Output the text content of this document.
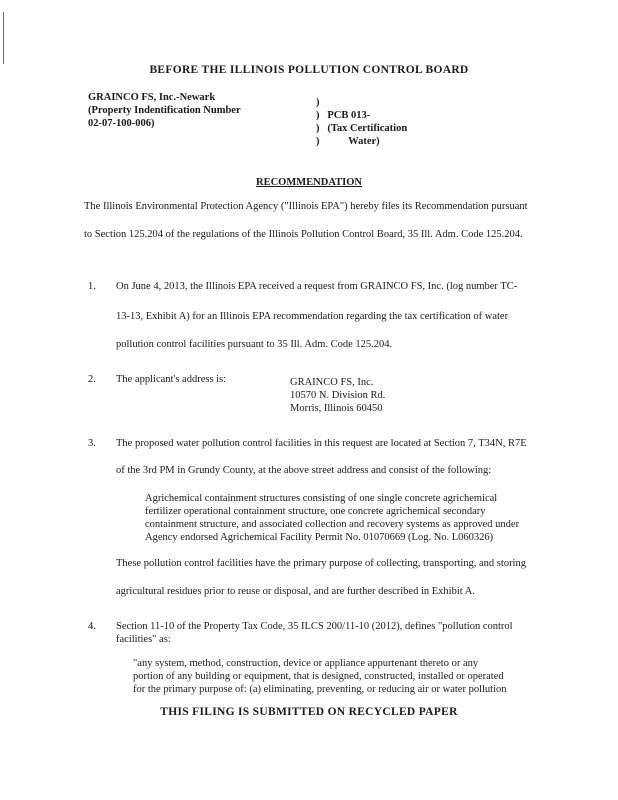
BEFORE THE ILLINOIS POLLUTION CONTROL BOARD
GRAINCO FS, Inc.-Newark
(Property Indentification Number
02-07-100-006)
)
)   PCB 013-
)   (Tax Certification
)           Water)
RECOMMENDATION
The Illinois Environmental Protection Agency ("Illinois EPA") hereby files its Recommendation pursuant
to Section 125.204 of the regulations of the Illinois Pollution Control Board, 35 Ill. Adm. Code 125.204.
1. On June 4, 2013, the Illinois EPA received a request from GRAINCO FS, Inc. (log number TC-
13-13, Exhibit A) for an Illinois EPA recommendation regarding the tax certification of water
pollution control facilities pursuant to 35 Ill. Adm. Code 125.204.
2. The applicant's address is:	GRAINCO FS, Inc.
10570 N. Division Rd.
Morris, Illinois 60450
3. The proposed water pollution control facilities in this request are located at Section 7, T34N, R7E
of the 3rd PM in Grundy County, at the above street address and consist of the following:
Agrichemical containment structures consisting of one single concrete agrichemical
fertilizer operational containment structure, one concrete agrichemical secondary
containment structure, and associated collection and recovery systems as approved under
Agency endorsed Agrichemical Facility Permit No. 01070669 (Log. No. L060326)
These pollution control facilities have the primary purpose of collecting, transporting, and storing
agricultural residues prior to reuse or disposal, and are further described in Exhibit A.
4. Section 11-10 of the Property Tax Code, 35 ILCS 200/11-10 (2012), defines "pollution control
facilities" as:
"any system, method, construction, device or appliance appurtenant thereto or any
portion of any building or equipment, that is designed, constructed, installed or operated
for the primary purpose of: (a) eliminating, preventing, or reducing air or water pollution
THIS FILING IS SUBMITTED ON RECYCLED PAPER
